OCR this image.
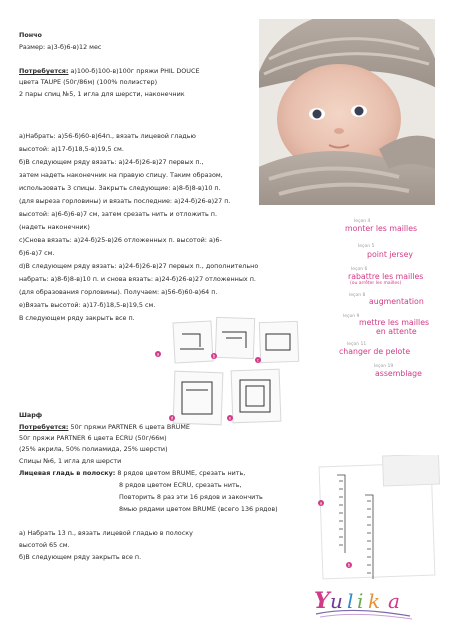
Пончо
Размер: а)3-б)6-в)12 мес
Потребуется: а)100-б)100-в)100г пряжи PHIL DOUCE
цвета TAUPE (50г/86м) (100% полиэстер)
2 пары спиц №5, 1 игла для шерсти, наконечник
а)Набрать: а)56-б)60-в)64п., вязать лицевой гладью
высотой: а)17-б)18,5-в)19,5 см.
б)В следующем ряду вязать: а)24-б)26-в)27 первых п.,
затем надеть наконечник на правую спицу. Таким образом,
использовать 3 спицы. Закрыть следующие: а)8-б)8-в)10 п.
(для выреза горловины) и вязать последние: а)24-б)26-в)27 п.
высотой: а)6-б)6-в)7 см, затем срезать нить и отложить п.
(надеть наконечник)
с)Снова вязать: а)24-б)25-в)26 отложенных п. высотой: а)6-
б)6-в)7 см.
d)В следующем ряду вязать: а)24-б)26-в)27 первых п., дополнительно
набрать: а)8-б)8-в)10 п. и снова вязать: а)24-б)26-в)27 отложенных п.
(для образования горловины). Получаем: а)56-б)60-в)64 п.
е)Вязать высотой: а)17-б)18,5-в)19,5 см.
В следующем ряду закрыть все п.
a	b
c
d	e
leçon 4
monter les mailles
leçon 5
point jersey
leçon 6
rabattre les mailles
(ou arrêter les mailles)
leçon 8
augmentation
leçon 9
mettre les mailles
en attente
leçon 11
changer de pelote
leçon 19
assemblage
Шарф
Потребуется: 50г пряжи PARTNER 6 цвета BRUME
50г пряжи PARTNER 6 цвета ECRU (50г/66м)
(25% акрила, 50% полиамида, 25% шерсти)
Спицы №6, 1 игла для шерсти
Лицевая гладь в полоску: 8 рядов цветом BRUME, срезать нить,
8 рядов цветом ECRU, срезать нить,
Повторить 8 раз эти 16 рядов и закончить
8мью рядами цветом BRUME (всего 136 рядов)
а) Набрать 13 п., вязать лицевой гладью в полоску
высотой 65 см.
б)В следующем ряду закрыть все п.
a
b
Y u l i k a
